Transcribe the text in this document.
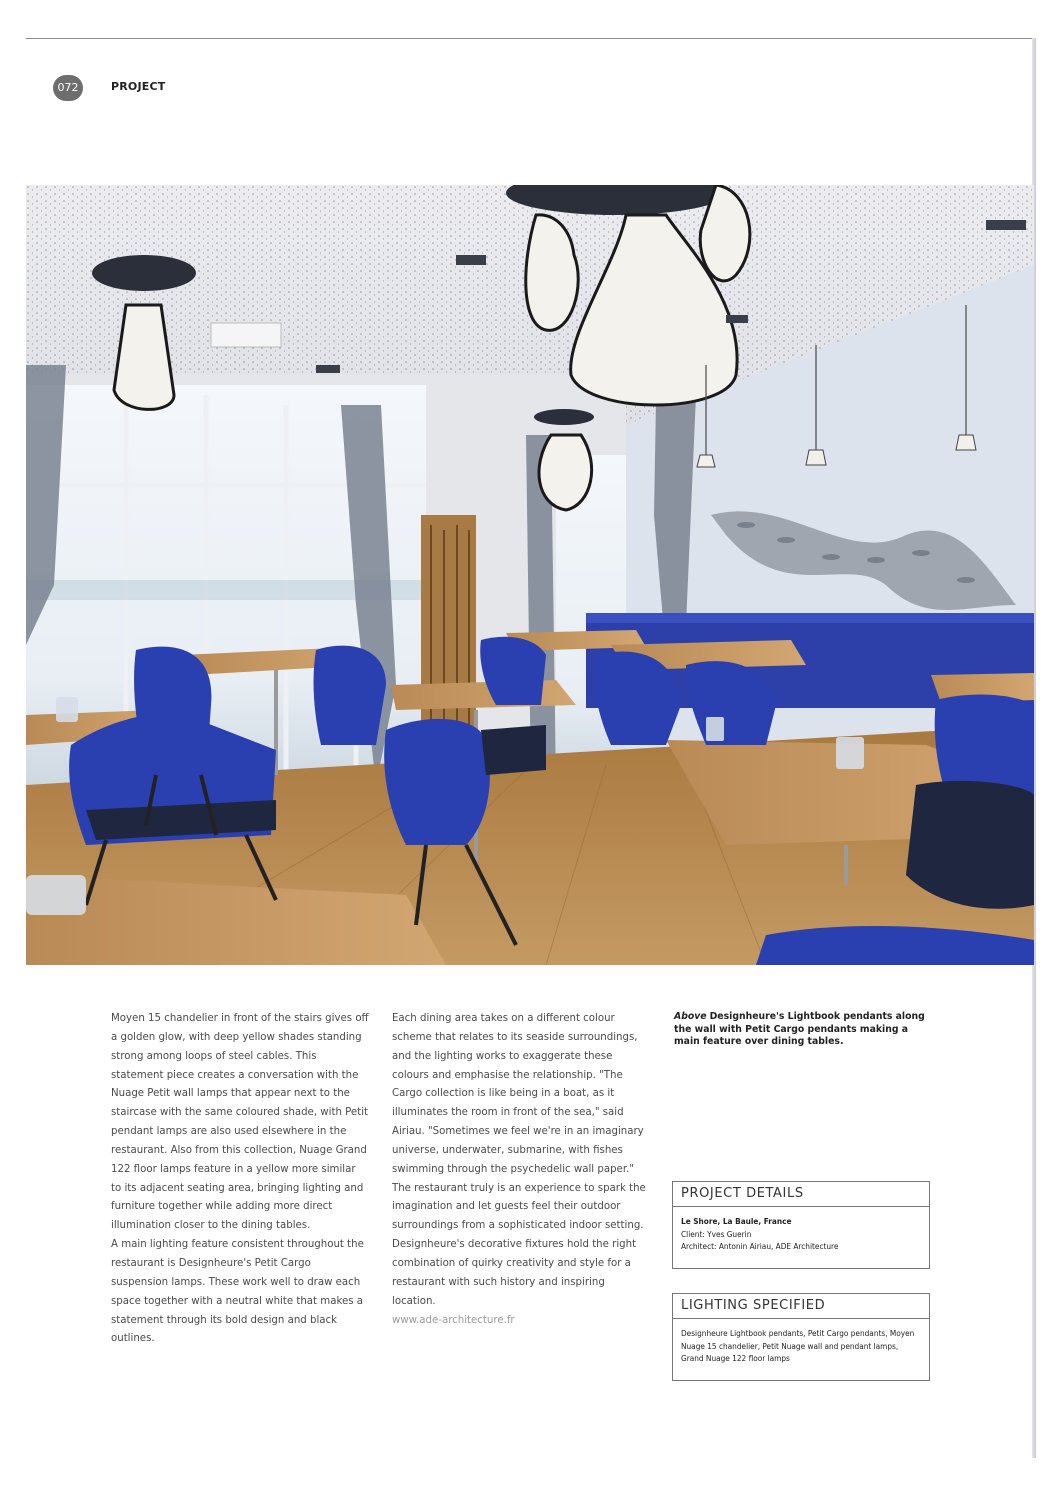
072	PROJECT

Moyen 15 chandelier in front of the stairs gives off a golden glow, with deep yellow shades standing strong among loops of steel cables. This statement piece creates a conversation with the Nuage Petit wall lamps that appear next to the staircase with the same coloured shade, with Petit pendant lamps are also used elsewhere in the restaurant. Also from this collection, Nuage Grand 122 floor lamps feature in a yellow more similar to its adjacent seating area, bringing lighting and furniture together while adding more direct illumination closer to the dining tables.

A main lighting feature consistent throughout the restaurant is Designheure's Petit Cargo suspension lamps. These work well to draw each space together with a neutral white that makes a statement through its bold design and black outlines.

Each dining area takes on a different colour scheme that relates to its seaside surroundings, and the lighting works to exaggerate these colours and emphasise the relationship. "The Cargo collection is like being in a boat, as it illuminates the room in front of the sea," said Airiau. "Sometimes we feel we're in an imaginary universe, underwater, submarine, with fishes swimming through the psychedelic wall paper."

The restaurant truly is an experience to spark the imagination and let guests feel their outdoor surroundings from a sophisticated indoor setting. Designheure's decorative fixtures hold the right combination of quirky creativity and style for a restaurant with such history and inspiring location.

www.ade-architecture.fr

Above Designheure's Lightbook pendants along the wall with Petit Cargo pendants making a main feature over dining tables.
PROJECT DETAILS
Le Shore, La Baule, France
Client: Yves Guerin
Architect: Antonin Airiau, ADE Architecture
LIGHTING SPECIFIED
Designheure Lightbook pendants, Petit Cargo pendants, Moyen Nuage 15 chandelier, Petit Nuage wall and pendant lamps, Grand Nuage 122 floor lamps
